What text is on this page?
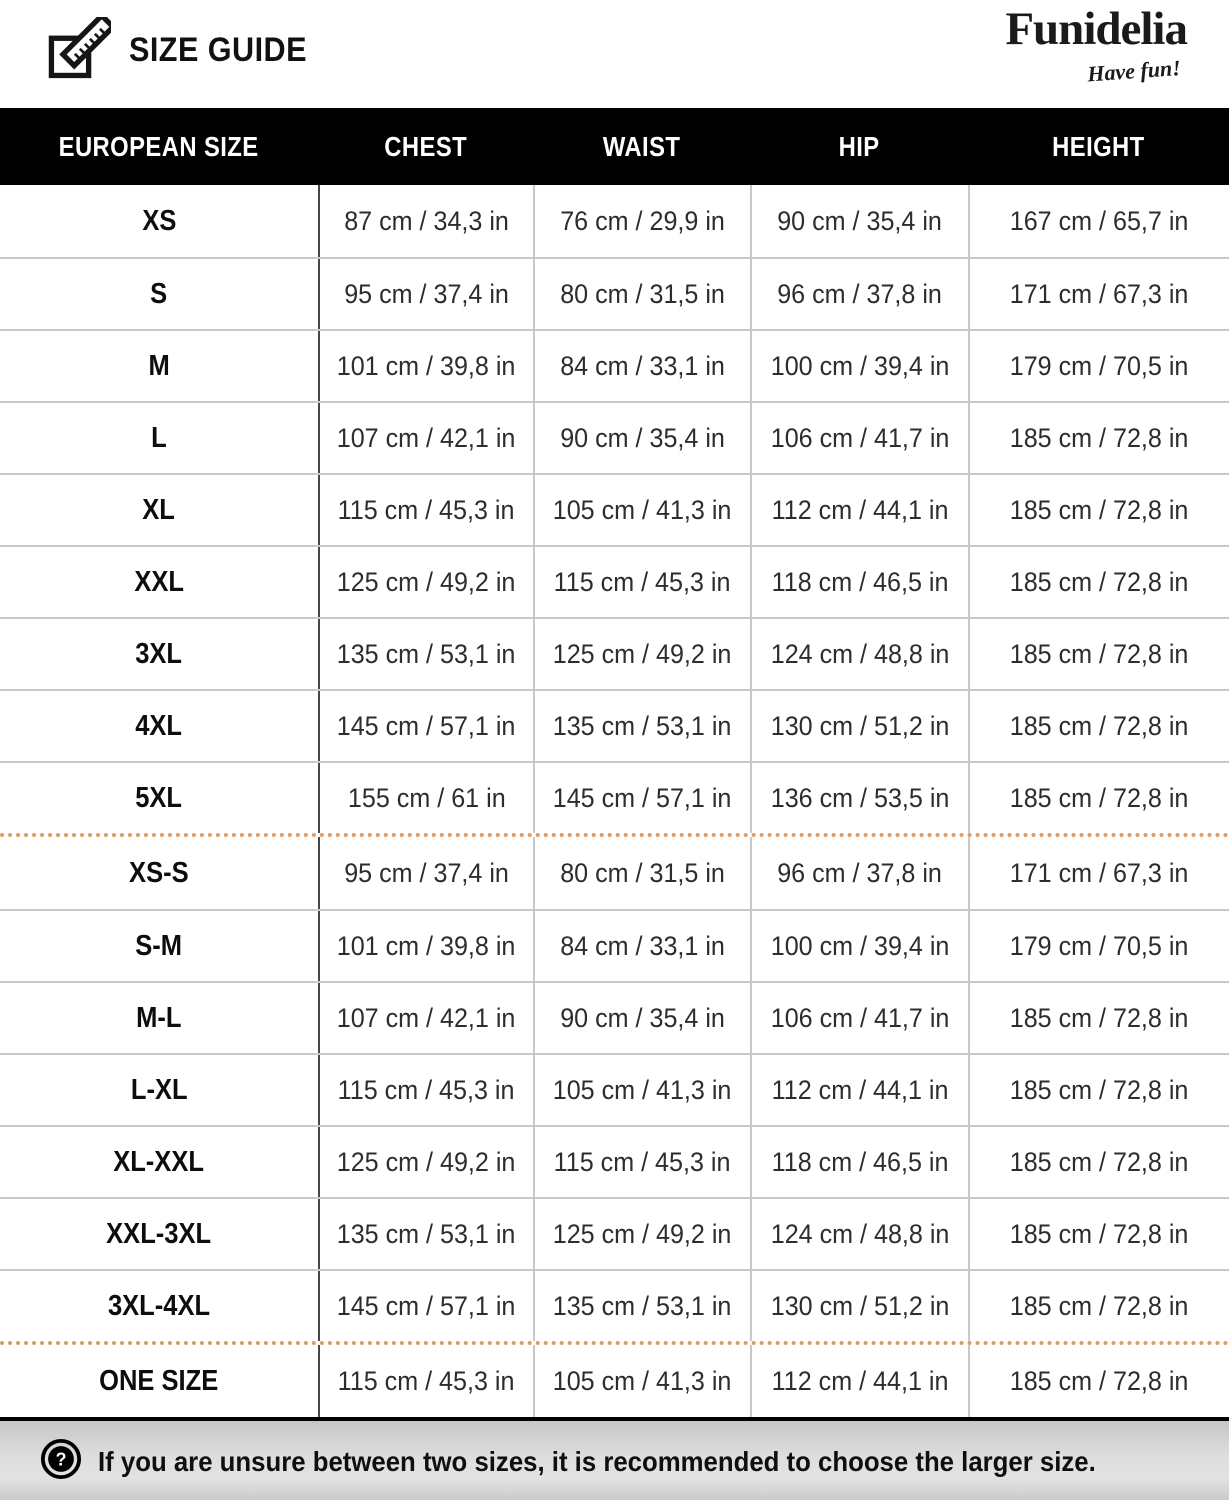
SIZE GUIDE	Funidelia
Have fun!
EUROPEAN SIZE	CHEST	WAIST	HIP	HEIGHT
XS	87 cm / 34,3 in 76 cm / 29,9 in 90 cm / 35,4 in	167 cm / 65,7 in
S	95 cm / 37,4 in 80 cm / 31,5 in 96 cm / 37,8 in	171 cm / 67,3 in
M	101 cm / 39,8 in 84 cm / 33,1 in 100 cm / 39,4 in 179 cm / 70,5 in
L	107 cm / 42,1 in 90 cm / 35,4 in 106 cm / 41,7 in 185 cm / 72,8 in
XL	115 cm / 45,3 in 105 cm / 41,3 in 112 cm / 44,1 in 185 cm / 72,8 in
XXL	125 cm / 49,2 in 115 cm / 45,3 in 118 cm / 46,5 in 185 cm / 72,8 in
3XL	135 cm / 53,1 in 125 cm / 49,2 in 124 cm / 48,8 in 185 cm / 72,8 in
4XL	145 cm / 57,1 in 135 cm / 53,1 in 130 cm / 51,2 in 185 cm / 72,8 in
5XL	155 cm / 61 in 145 cm / 57,1 in 136 cm / 53,5 in 185 cm / 72,8 in
XS-S	95 cm / 37,4 in 80 cm / 31,5 in 96 cm / 37,8 in	171 cm / 67,3 in
S-M	101 cm / 39,8 in 84 cm / 33,1 in 100 cm / 39,4 in 179 cm / 70,5 in
M-L	107 cm / 42,1 in 90 cm / 35,4 in 106 cm / 41,7 in 185 cm / 72,8 in
L-XL	115 cm / 45,3 in 105 cm / 41,3 in 112 cm / 44,1 in 185 cm / 72,8 in
XL-XXL	125 cm / 49,2 in 115 cm / 45,3 in 118 cm / 46,5 in 185 cm / 72,8 in
XXL-3XL	135 cm / 53,1 in 125 cm / 49,2 in 124 cm / 48,8 in 185 cm / 72,8 in
3XL-4XL	145 cm / 57,1 in 135 cm / 53,1 in 130 cm / 51,2 in 185 cm / 72,8 in
ONE SIZE	115 cm / 45,3 in 105 cm / 41,3 in 112 cm / 44,1 in 185 cm / 72,8 in
? If you are unsure between two sizes, it is recommended to choose the larger size.
